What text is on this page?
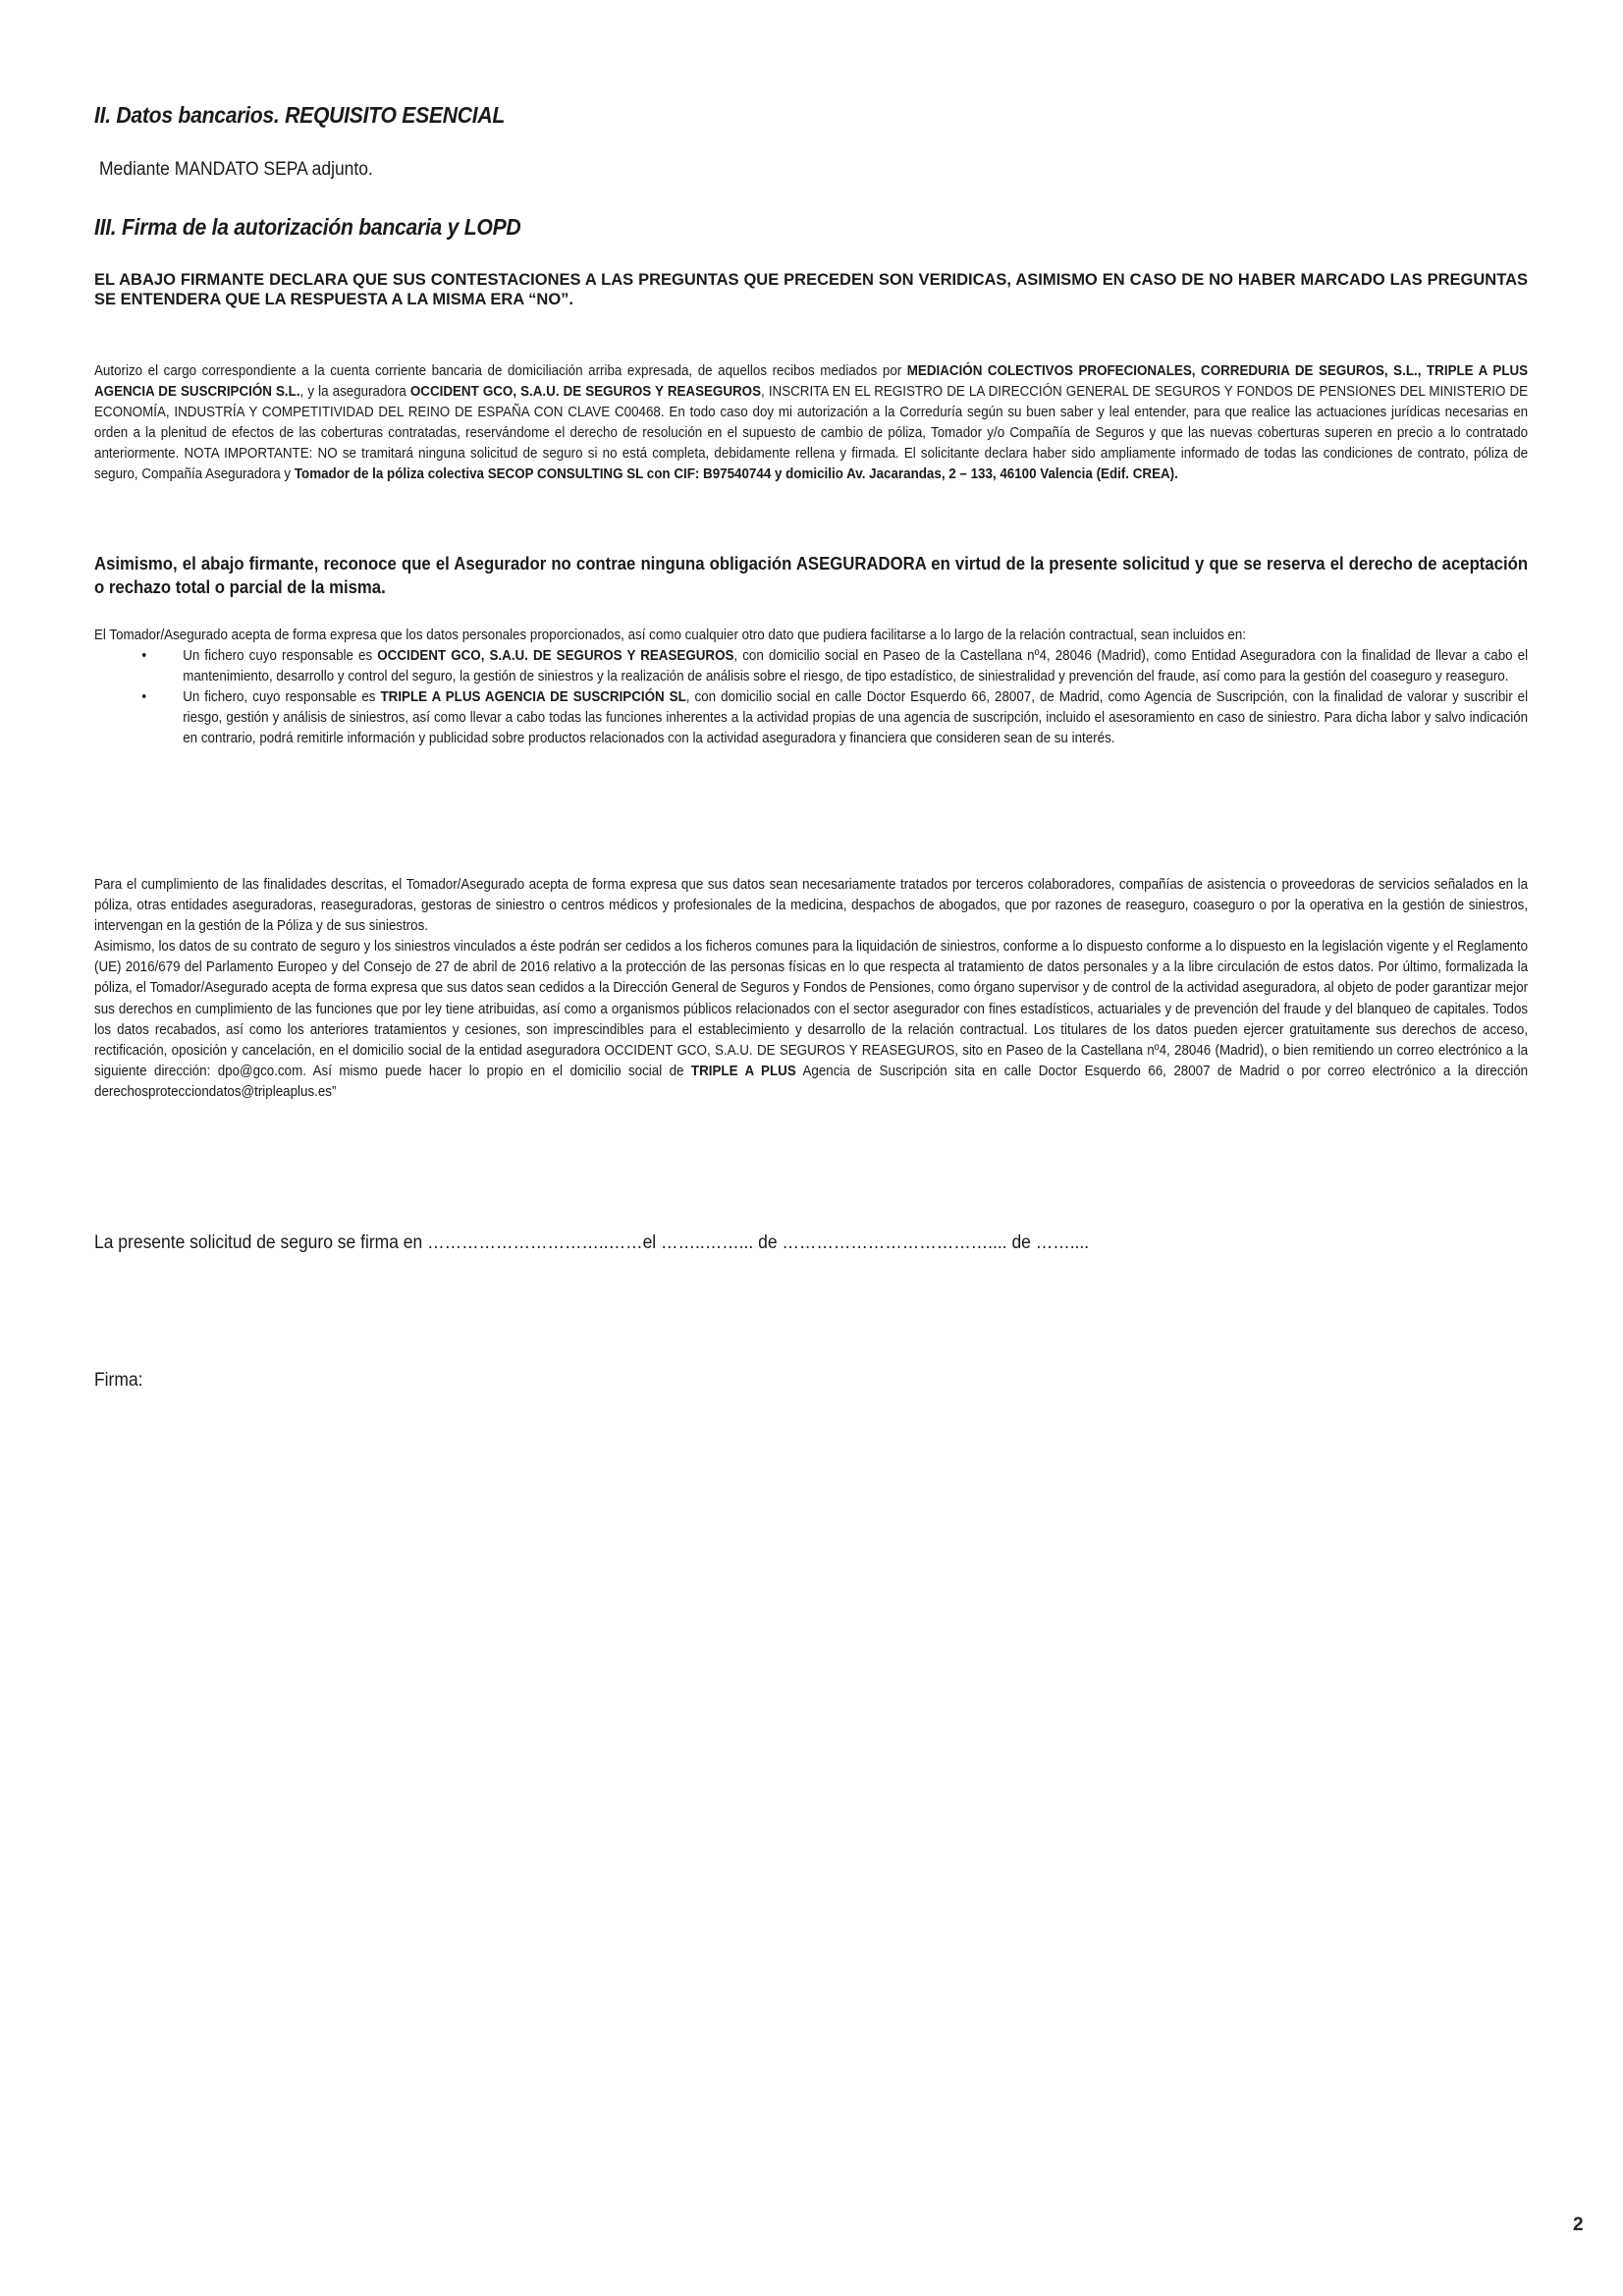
II. Datos bancarios. REQUISITO ESENCIAL
Mediante MANDATO SEPA adjunto.
III. Firma de la autorización bancaria y LOPD
EL ABAJO FIRMANTE DECLARA QUE SUS CONTESTACIONES A LAS PREGUNTAS QUE PRECEDEN SON VERIDICAS, ASIMISMO EN CASO DE NO HABER MARCADO LAS PREGUNTAS SE ENTENDERA QUE LA RESPUESTA A LA MISMA ERA “NO”.
Autorizo el cargo correspondiente a la cuenta corriente bancaria de domiciliación arriba expresada, de aquellos recibos mediados por MEDIACIÓN COLECTIVOS PROFECIONALES, CORREDURIA DE SEGUROS, S.L., TRIPLE A PLUS AGENCIA DE SUSCRIPCIÓN S.L., y la aseguradora OCCIDENT GCO, S.A.U. DE SEGUROS Y REASEGUROS, INSCRITA EN EL REGISTRO DE LA DIRECCIÓN GENERAL DE SEGUROS Y FONDOS DE PENSIONES DEL MINISTERIO DE ECONOMÍA, INDUSTRÍA Y COMPETITIVIDAD DEL REINO DE ESPAÑA CON CLAVE C00468. En todo caso doy mi autorización a la Correduría según su buen saber y leal entender, para que realice las actuaciones jurídicas necesarias en orden a la plenitud de efectos de las coberturas contratadas, reservándome el derecho de resolución en el supuesto de cambio de póliza, Tomador y/o Compañía de Seguros y que las nuevas coberturas superen en precio a lo contratado anteriormente. NOTA IMPORTANTE: NO se tramitará ninguna solicitud de seguro si no está completa, debidamente rellena y firmada. El solicitante declara haber sido ampliamente informado de todas las condiciones de contrato, póliza de seguro, Compañía Aseguradora y Tomador de la póliza colectiva SECOP CONSULTING SL con CIF: B97540744 y domicilio Av. Jacarandas, 2 – 133, 46100 Valencia (Edif. CREA).
Asimismo, el abajo firmante, reconoce que el Asegurador no contrae ninguna obligación ASEGURADORA en virtud de la presente solicitud y que se reserva el derecho de aceptación o rechazo total o parcial de la misma.
El Tomador/Asegurado acepta de forma expresa que los datos personales proporcionados, así como cualquier otro dato que pudiera facilitarse a lo largo de la relación contractual, sean incluidos en:
•	Un fichero cuyo responsable es OCCIDENT GCO, S.A.U. DE SEGUROS Y REASEGUROS, con domicilio social en Paseo de la Castellana nº4, 28046 (Madrid), como Entidad Aseguradora con la finalidad de llevar a cabo el mantenimiento, desarrollo y control del seguro, la gestión de siniestros y la realización de análisis sobre el riesgo, de tipo estadístico, de siniestralidad y prevención del fraude, así como para la gestión del coaseguro y reaseguro.
•	Un fichero, cuyo responsable es TRIPLE A PLUS AGENCIA DE SUSCRIPCIÓN SL, con domicilio social en calle Doctor Esquerdo 66, 28007, de Madrid, como Agencia de Suscripción, con la finalidad de valorar y suscribir el riesgo, gestión y análisis de siniestros, así como llevar a cabo todas las funciones inherentes a la actividad propias de una agencia de suscripción, incluido el asesoramiento en caso de siniestro. Para dicha labor y salvo indicación en contrario, podrá remitirle información y publicidad sobre productos relacionados con la actividad aseguradora y financiera que consideren sean de su interés.
Para el cumplimiento de las finalidades descritas, el Tomador/Asegurado acepta de forma expresa que sus datos sean necesariamente tratados por terceros colaboradores, compañías de asistencia o proveedoras de servicios señalados en la póliza, otras entidades aseguradoras, reaseguradoras, gestoras de siniestro o centros médicos y profesionales de la medicina, despachos de abogados, que por razones de reaseguro, coaseguro o por la operativa en la gestión de siniestros, intervengan en la gestión de la Póliza y de sus siniestros.
Asimismo, los datos de su contrato de seguro y los siniestros vinculados a éste podrán ser cedidos a los ficheros comunes para la liquidación de siniestros, conforme a lo dispuesto conforme a lo dispuesto en la legislación vigente y el Reglamento (UE) 2016/679 del Parlamento Europeo y del Consejo de 27 de abril de 2016 relativo a la protección de las personas físicas en lo que respecta al tratamiento de datos personales y a la libre circulación de estos datos. Por último, formalizada la póliza, el Tomador/Asegurado acepta de forma expresa que sus datos sean cedidos a la Dirección General de Seguros y Fondos de Pensiones, como órgano supervisor y de control de la actividad aseguradora, al objeto de poder garantizar mejor sus derechos en cumplimiento de las funciones que por ley tiene atribuidas, así como a organismos públicos relacionados con el sector asegurador con fines estadísticos, actuariales y de prevención del fraude y del blanqueo de capitales. Todos los datos recabados, así como los anteriores tratamientos y cesiones, son imprescindibles para el establecimiento y desarrollo de la relación contractual. Los titulares de los datos pueden ejercer gratuitamente sus derechos de acceso, rectificación, oposición y cancelación, en el domicilio social de la entidad aseguradora OCCIDENT GCO, S.A.U. DE SEGUROS Y REASEGUROS, sito en Paseo de la Castellana nº4, 28046 (Madrid), o bien remitiendo un correo electrónico a la siguiente dirección: dpo@gco.com. Así mismo puede hacer lo propio en el domicilio social de TRIPLE A PLUS Agencia de Suscripción sita en calle Doctor Esquerdo 66, 28007 de Madrid o por correo electrónico a la dirección derechosprotecciondatos@tripleaplus.es”
La presente solicitud de seguro se firma en …………………………..……el ……..……... de ……………………………….... de ……....
Firma:
2
